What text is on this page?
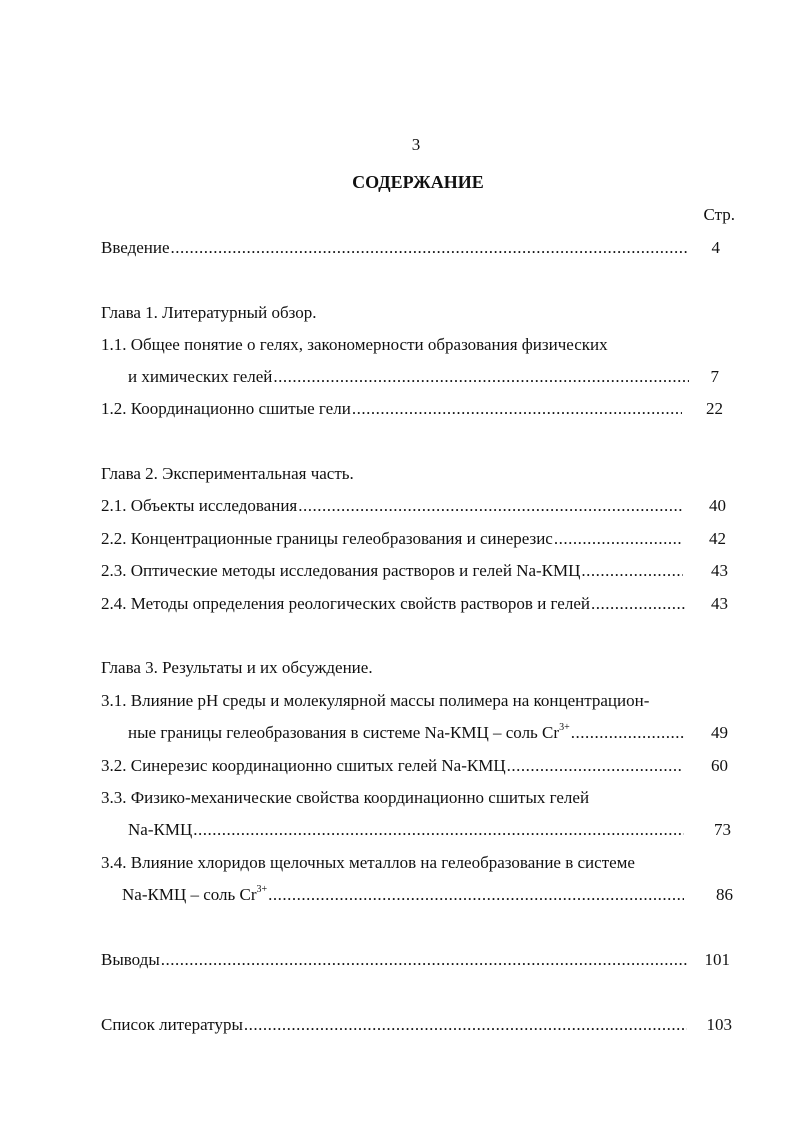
3
СОДЕРЖАНИЕ
Стр.
Введение .....	4
Глава 1. Литературный обзор.
1.1. Общее понятие о гелях, закономерности образования физических
и химических гелей .....	7
1.2. Координационно сшитые гели .....	22
Глава 2. Экспериментальная часть.
2.1. Объекты исследования .....	40
2.2. Концентрационные границы гелеобразования и синерезис .....	42
2.3. Оптические методы исследования растворов и гелей Na-КМЦ .....	43
2.4. Методы определения реологических свойств растворов и гелей .....	43
Глава 3. Результаты и их обсуждение.
3.1. Влияние рН среды и молекулярной массы полимера на концентрацион-
ные границы гелеобразования в системе Na-КМЦ – соль $Cr^{3+}$ .....	49
3.2. Синерезис координационно сшитых гелей Na-КМЦ .....	60
3.3. Физико-механические свойства координационно сшитых гелей
Na-КМЦ .....	73
3.4. Влияние хлоридов щелочных металлов на гелеобразование в системе
Na-КМЦ – соль $Cr^{3+}$ .....	86
Выводы .....	101
Список литературы .....	103
